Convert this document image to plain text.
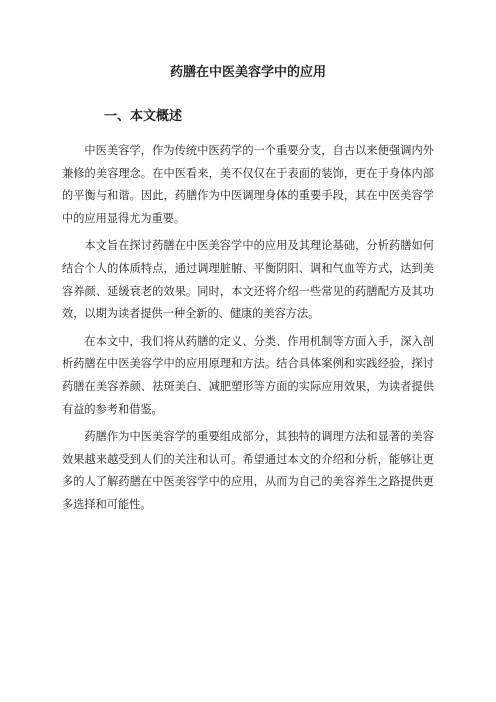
药膳在中医美容学中的应用
一、本文概述

中医美容学，作为传统中医药学的一个重要分支，自古以来便强调内外兼修的美容理念。在中医看来，美不仅仅在于表面的装饰，更在于身体内部的平衡与和谐。因此，药膳作为中医调理身体的重要手段，其在中医美容学中的应用显得尤为重要。

本文旨在探讨药膳在中医美容学中的应用及其理论基础，分析药膳如何结合个人的体质特点，通过调理脏腑、平衡阴阳、调和气血等方式，达到美容养颜、延缓衰老的效果。同时，本文还将介绍一些常见的药膳配方及其功效，以期为读者提供一种全新的、健康的美容方法。

在本文中，我们将从药膳的定义、分类、作用机制等方面入手，深入剖析药膳在中医美容学中的应用原理和方法。结合具体案例和实践经验，探讨药膳在美容养颜、祛斑美白、减肥塑形等方面的实际应用效果，为读者提供有益的参考和借鉴。

药膳作为中医美容学的重要组成部分，其独特的调理方法和显著的美容效果越来越受到人们的关注和认可。希望通过本文的介绍和分析，能够让更多的人了解药膳在中医美容学中的应用，从而为自己的美容养生之路提供更多选择和可能性。
